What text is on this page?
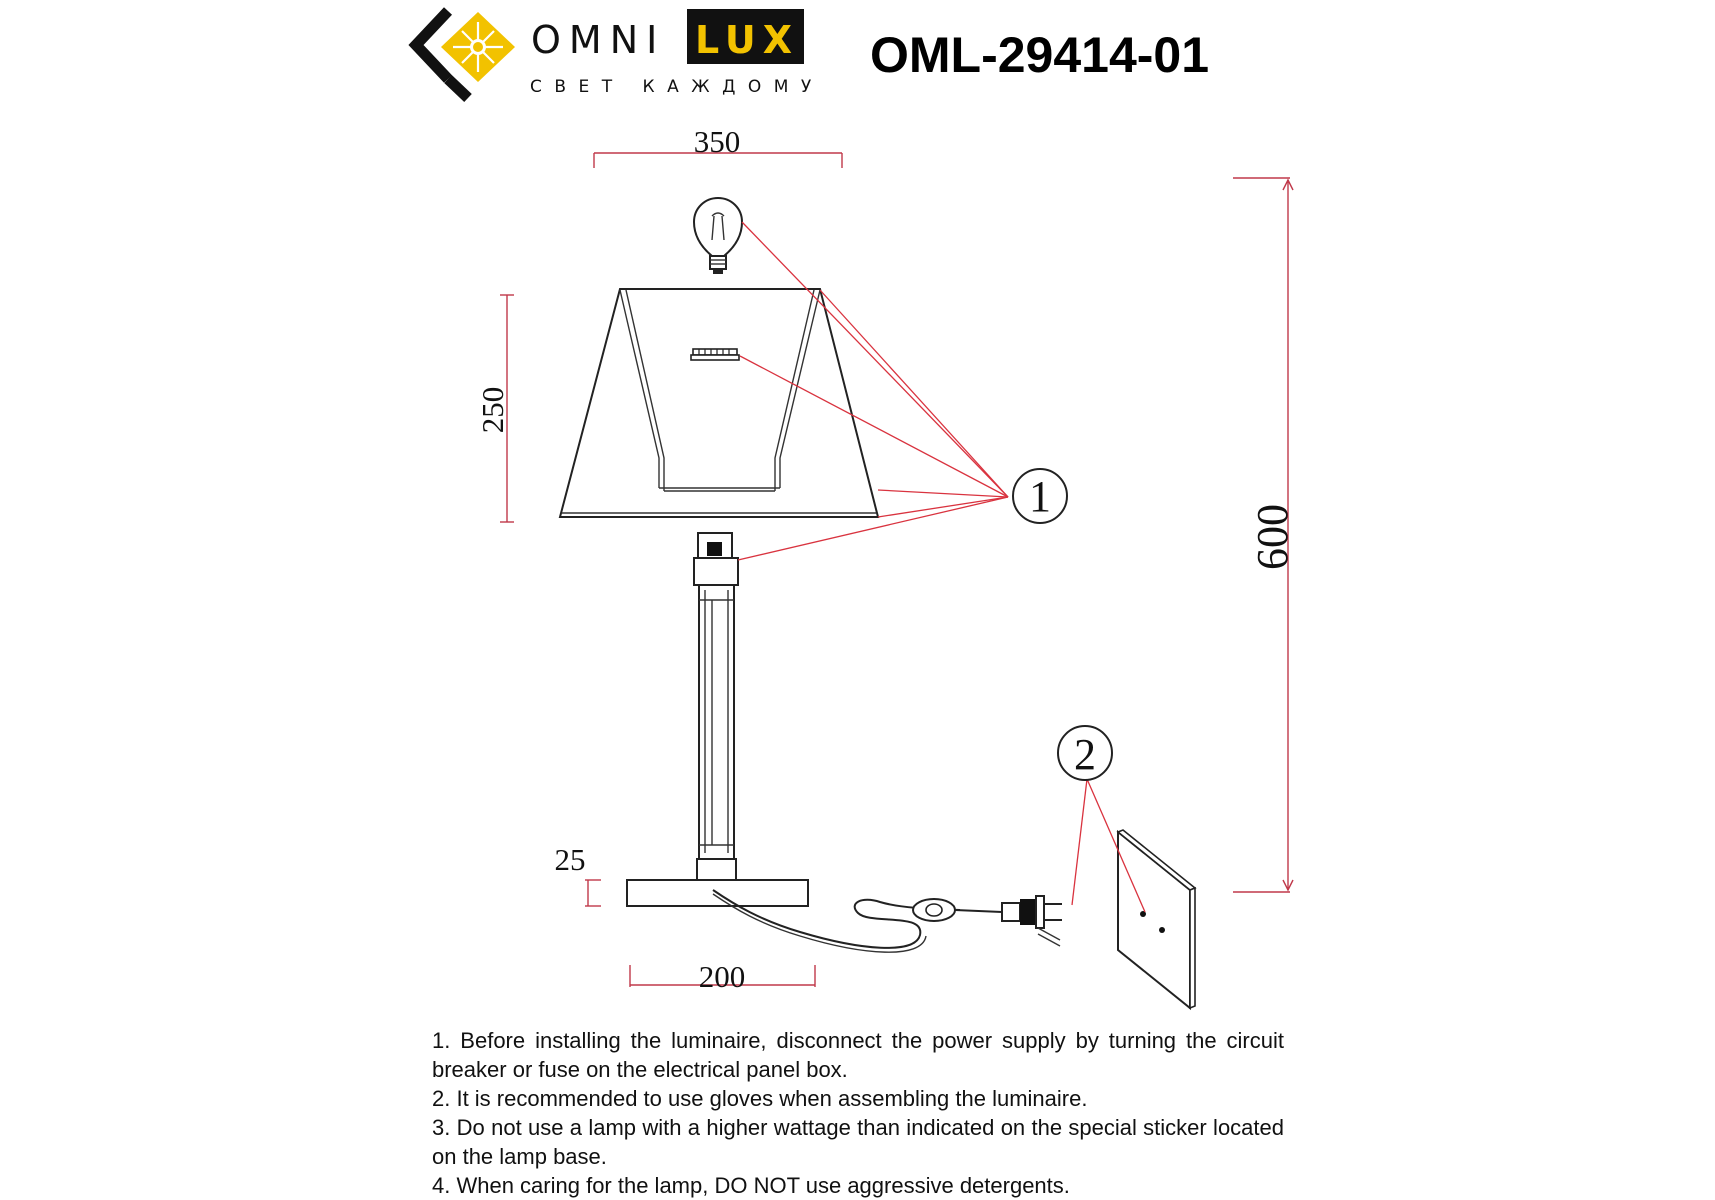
OMNI LUX
СВЕТ КАЖДОМУ
OML-29414-01
350
250
600
25
200
1
2

1. Before installing the luminaire, disconnect the power supply by turning the circuit breaker or fuse on the electrical panel box.

2. It is recommended to use gloves when assembling the luminaire.

3. Do not use a lamp with a higher wattage than indicated on the special sticker located on the lamp base.

4. When caring for the lamp, DO NOT use aggressive detergents.
